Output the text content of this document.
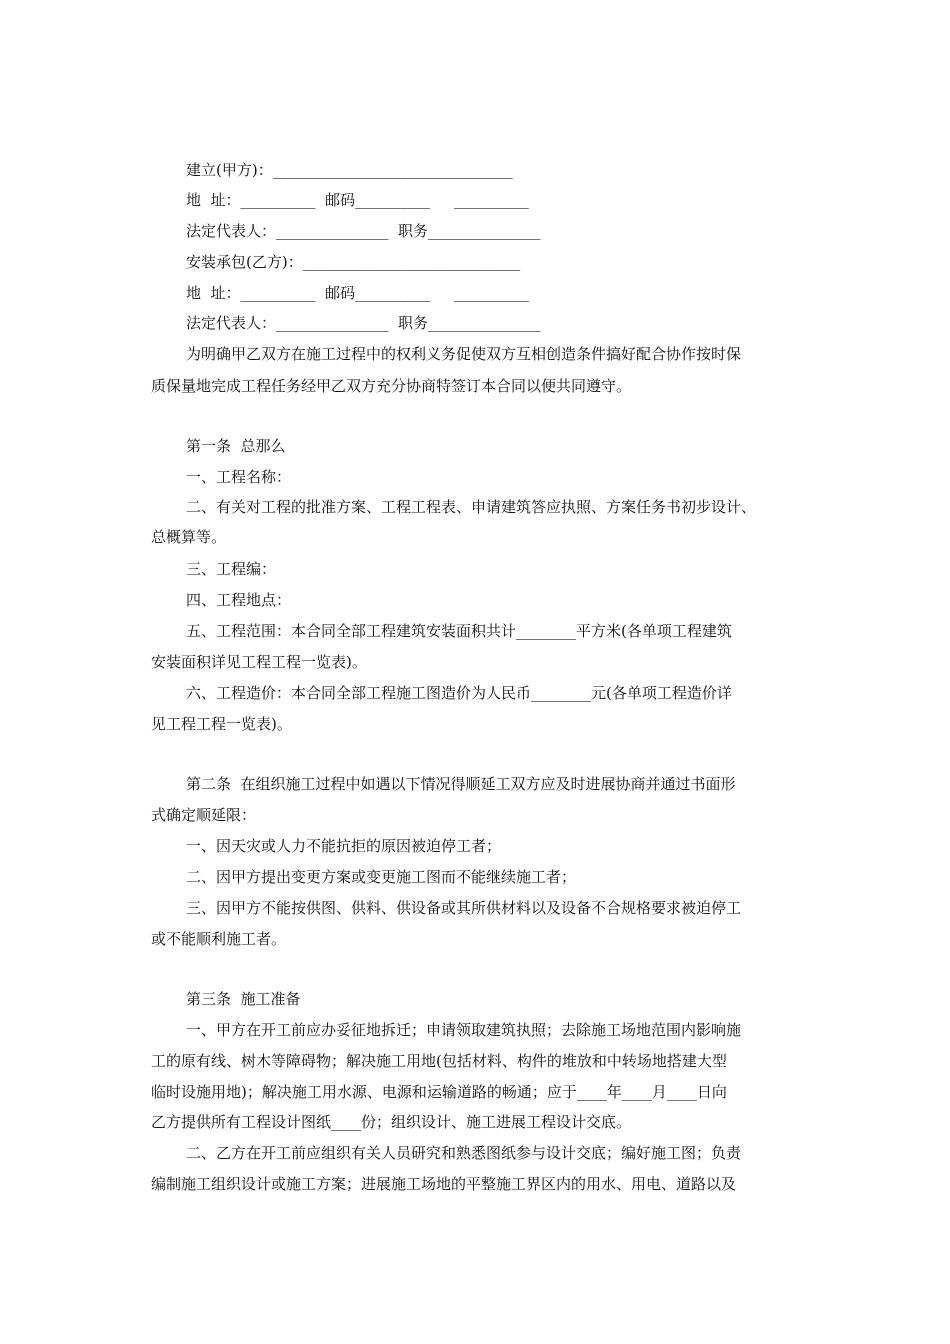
建立(甲方)：________________________________
地  址：__________  邮码__________     __________
法定代表人：_______________  职务_______________
安装承包(乙方)：_____________________________
地  址：__________  邮码__________     __________
法定代表人：_______________  职务_______________
为明确甲乙双方在施工过程中的权利义务促使双方互相创造条件搞好配合协作按时保
质保量地完成工程任务经甲乙双方充分协商特签订本合同以便共同遵守。
第一条  总那么
一、工程名称：
二、有关对工程的批准方案、工程工程表、申请建筑答应执照、方案任务书初步设计、
总概算等。
三、工程编：
四、工程地点：
五、工程范围：本合同全部工程建筑安装面积共计________平方米(各单项工程建筑
安装面积详见工程工程一览表)。
六、工程造价：本合同全部工程施工图造价为人民币________元(各单项工程造价详
见工程工程一览表)。
第二条  在组织施工过程中如遇以下情况得顺延工双方应及时进展协商并通过书面形
式确定顺延限：
一、因天灾或人力不能抗拒的原因被迫停工者；
二、因甲方提出变更方案或变更施工图而不能继续施工者；
三、因甲方不能按供图、供料、供设备或其所供材料以及设备不合规格要求被迫停工
或不能顺利施工者。
第三条  施工准备
一、甲方在开工前应办妥征地拆迁；申请领取建筑执照；去除施工场地范围内影响施
工的原有线、树木等障碍物；解决施工用地(包括材料、构件的堆放和中转场地搭建大型
临时设施用地)；解决施工用水源、电源和运输道路的畅通；应于____年____月____日向
乙方提供所有工程设计图纸____份；组织设计、施工进展工程设计交底。
二、乙方在开工前应组织有关人员研究和熟悉图纸参与设计交底；编好施工图；负责
编制施工组织设计或施工方案；进展施工场地的平整施工界区内的用水、用电、道路以及
